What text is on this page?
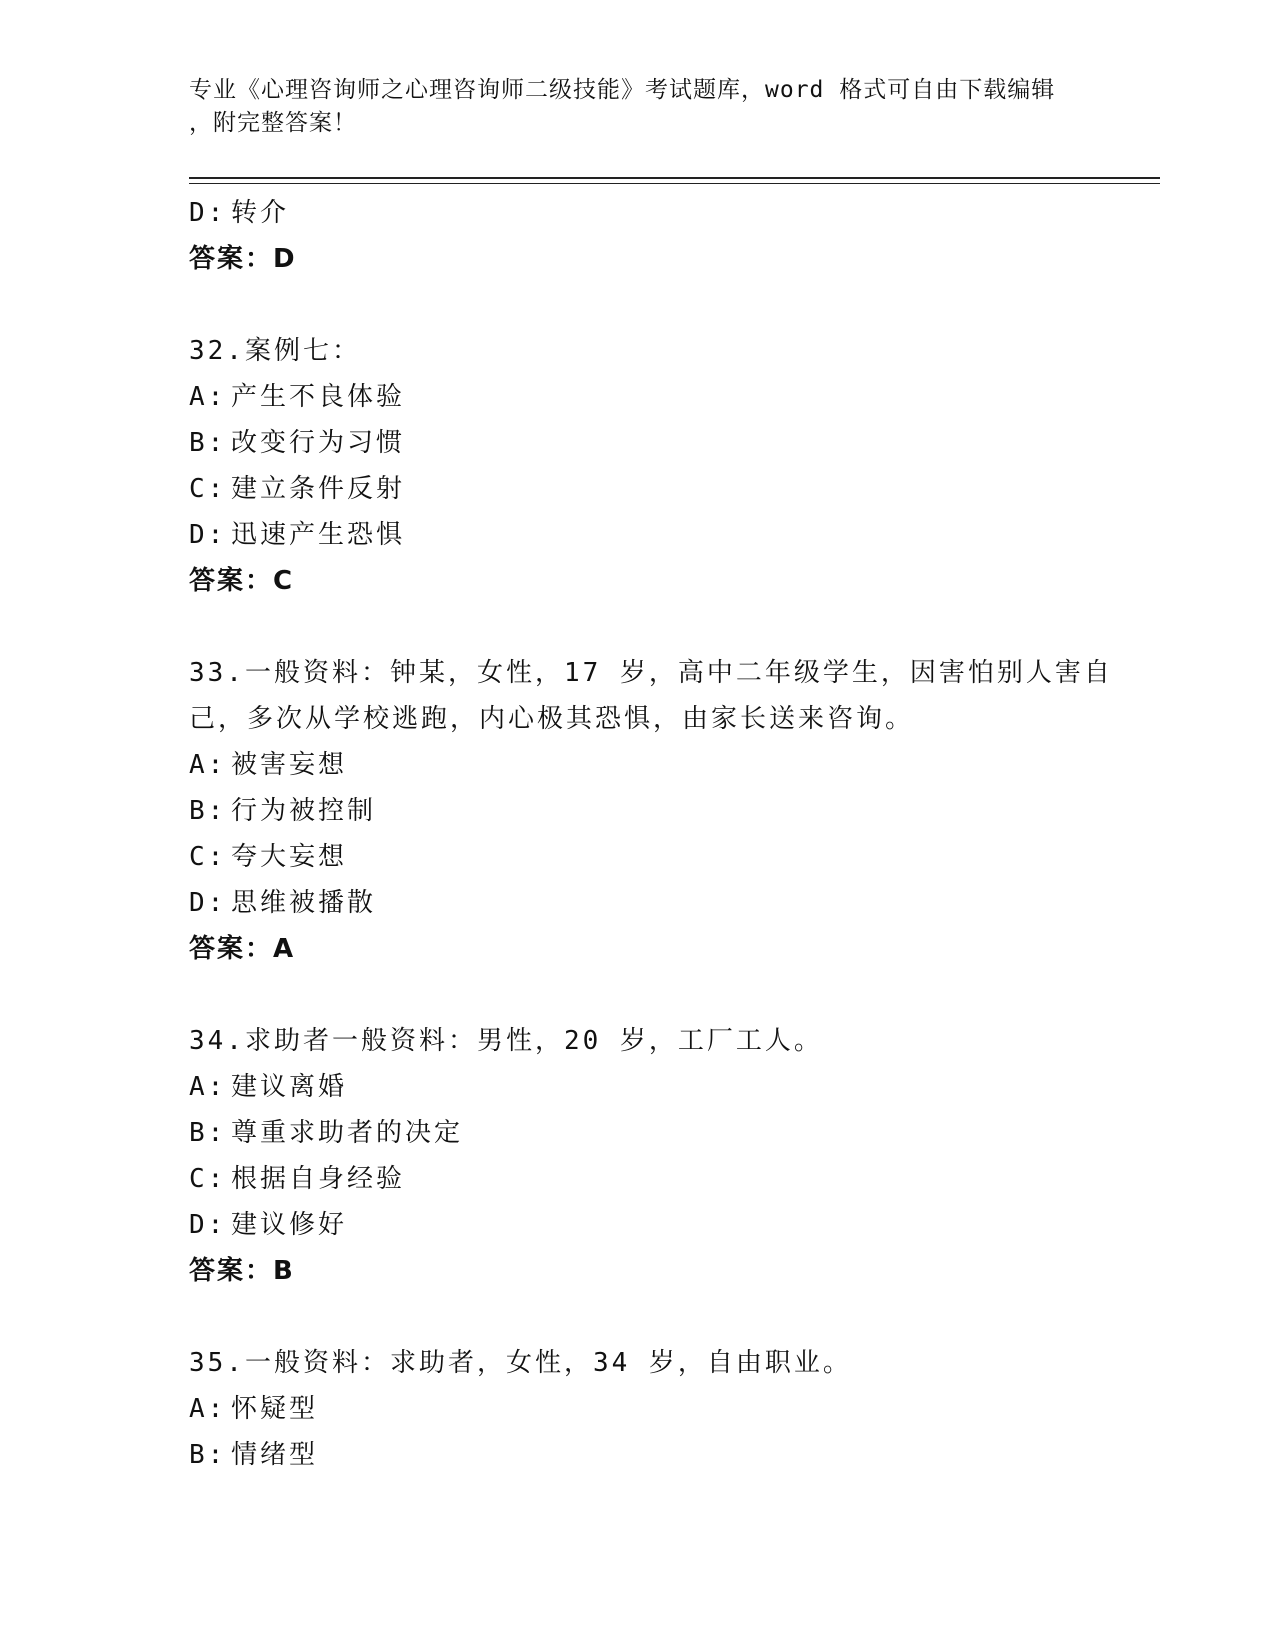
专业《心理咨询师之心理咨询师二级技能》考试题库，word 格式可自由下载编辑
，附完整答案！
D: 转介
答案：D
32.案例七：
A: 产生不良体验
B: 改变行为习惯
C: 建立条件反射
D: 迅速产生恐惧
答案：C
33.一般资料：钟某，女性，17 岁，高中二年级学生，因害怕别人害自
己，多次从学校逃跑，内心极其恐惧，由家长送来咨询。
A: 被害妄想
B: 行为被控制
C: 夸大妄想
D: 思维被播散
答案：A
34.求助者一般资料：男性，20 岁，工厂工人。
A: 建议离婚
B: 尊重求助者的决定
C: 根据自身经验
D: 建议修好
答案：B
35.一般资料：求助者，女性，34 岁，自由职业。
A: 怀疑型
B: 情绪型
